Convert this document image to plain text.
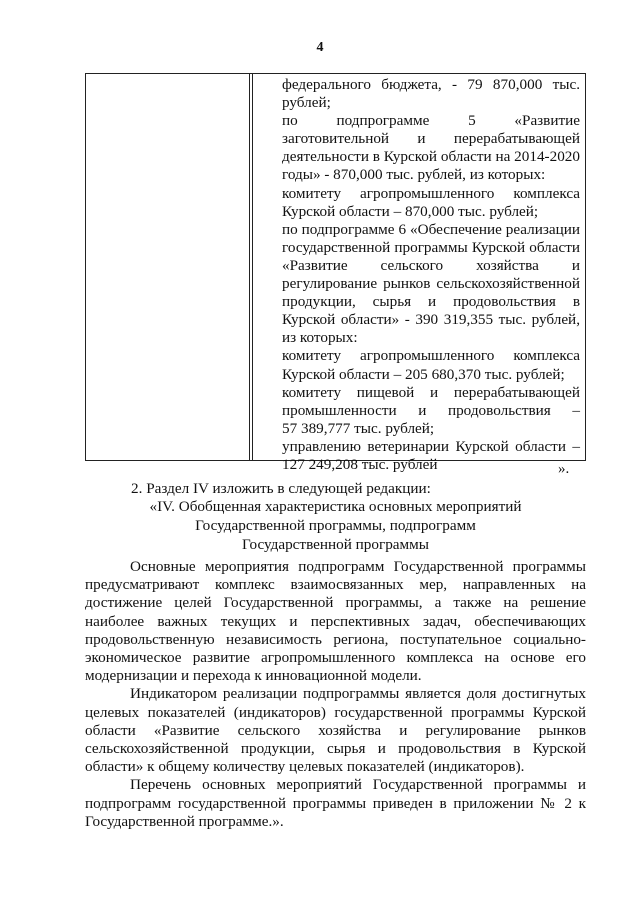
4
федерального бюджета, - 79 870,000 тыс.
рублей;
по подпрограмме 5 «Развитие
заготовительной и перерабатывающей
деятельности в Курской области на 2014-2020
годы» - 870,000 тыс. рублей, из которых:
комитету агропромышленного комплекса
Курской области – 870,000 тыс. рублей;
по подпрограмме 6 «Обеспечение реализации
государственной программы Курской области
«Развитие сельского хозяйства и
регулирование рынков сельскохозяйственной
продукции, сырья и продовольствия в
Курской области» - 390 319,355 тыс. рублей,
из которых:
комитету агропромышленного комплекса
Курской области – 205 680,370 тыс. рублей;
комитету пищевой и перерабатывающей
промышленности и продовольствия –
57 389,777 тыс. рублей;
управлению ветеринарии Курской области –
127 249,208 тыс. рублей	».
2. Раздел IV изложить в следующей редакции:
«IV. Обобщенная характеристика основных мероприятий
Государственной программы, подпрограмм
Государственной программы
Основные мероприятия подпрограмм Государственной программы
предусматривают комплекс взаимосвязанных мер, направленных на
достижение целей Государственной программы, а также на решение
наиболее важных текущих и перспективных задач, обеспечивающих
продовольственную независимость региона, поступательное социально-
экономическое развитие агропромышленного комплекса на основе его
модернизации и перехода к инновационной модели.
Индикатором реализации подпрограммы является доля достигнутых
целевых показателей (индикаторов) государственной программы Курской
области «Развитие сельского хозяйства и регулирование рынков
сельскохозяйственной продукции, сырья и продовольствия в Курской
области» к общему количеству целевых показателей (индикаторов).
Перечень основных мероприятий Государственной программы и
подпрограмм государственной программы приведен в приложении № 2 к
Государственной программе.».
